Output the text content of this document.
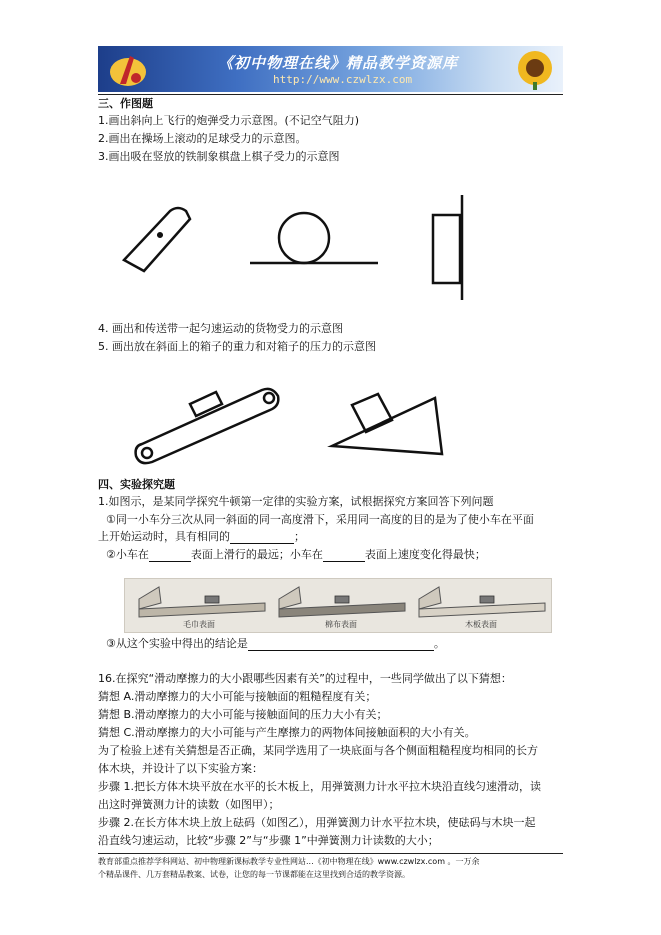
《初中物理在线》精品教学资源库
http://www.czwlzx.com
三、作图题
1.画出斜向上飞行的炮弹受力示意图。(不记空气阻力)
2.画出在操场上滚动的足球受力的示意图。
3.画出吸在竖放的铁制象棋盘上棋子受力的示意图
4. 画出和传送带一起匀速运动的货物受力的示意图
5. 画出放在斜面上的箱子的重力和对箱子的压力的示意图
四、实验探究题
1.如图示，是某同学探究牛顿第一定律的实验方案，试根据探究方案回答下列问题
①同一小车分三次从同一斜面的同一高度滑下，采用同一高度的目的是为了使小车在平面
上开始运动时，具有相同的	；
②小车在	表面上滑行的最远；小车在	表面上速度变化得最快；
毛巾表面	棉布表面	木板表面
③从这个实验中得出的结论是	。
16.在探究“滑动摩擦力的大小跟哪些因素有关”的过程中，一些同学做出了以下猜想：
猜想 A.滑动摩擦力的大小可能与接触面的粗糙程度有关；
猜想 B.滑动摩擦力的大小可能与接触面间的压力大小有关；
猜想 C.滑动摩擦力的大小可能与产生摩擦力的两物体间接触面积的大小有关。
为了检验上述有关猜想是否正确，某同学选用了一块底面与各个侧面粗糙程度均相同的长方
体木块，并设计了以下实验方案：
步骤 1.把长方体木块平放在水平的长木板上，用弹簧测力计水平拉木块沿直线匀速滑动，读
出这时弹簧测力计的读数（如图甲）；
步骤 2.在长方体木块上放上砝码（如图乙），用弹簧测力计水平拉木块，使砝码与木块一起
沿直线匀速运动，比较“步骤 2”与“步骤 1”中弹簧测力计读数的大小；
教育部重点推荐学科网站、初中物理新课标教学专业性网站...《初中物理在线》www.czwlzx.com 。一万余
个精品课件、几万套精品教案、试卷，让您的每一节课都能在这里找到合适的教学资源。
